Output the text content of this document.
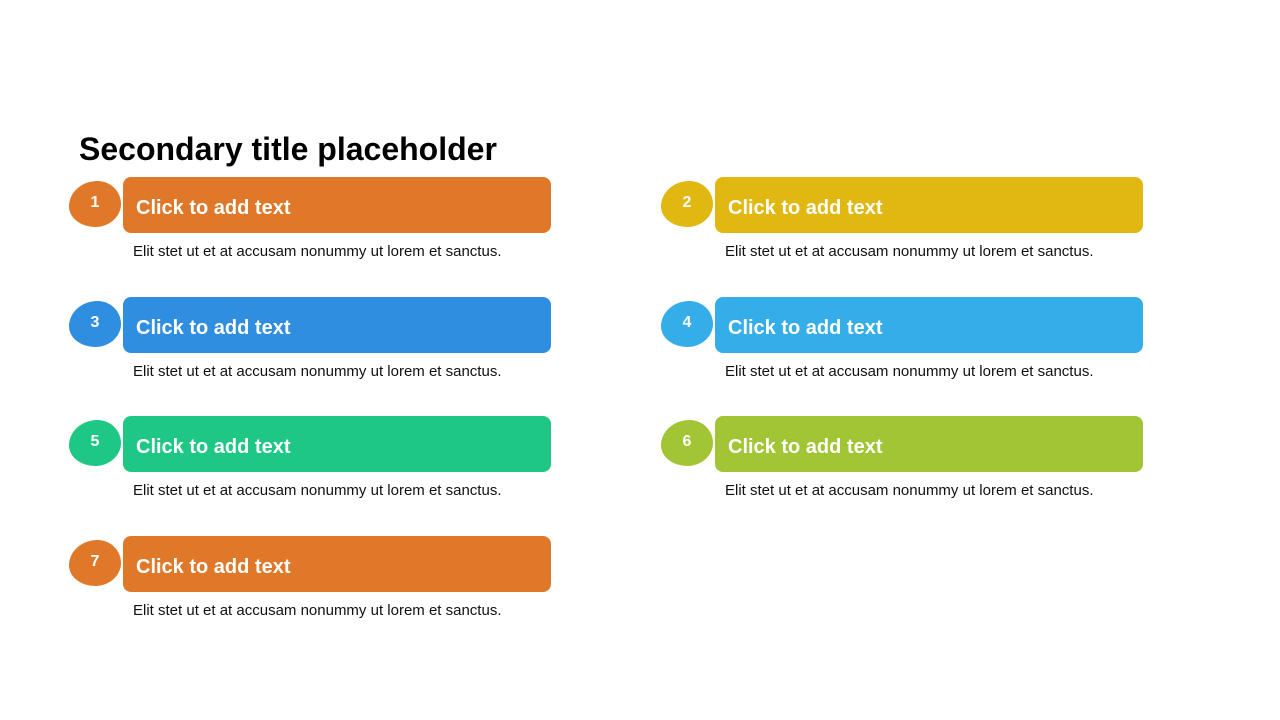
Secondary title placeholder
1	Click to add text
Elit stet ut et at accusam nonummy ut lorem et sanctus.
2	Click to add text
Elit stet ut et at accusam nonummy ut lorem et sanctus.
3	Click to add text
Elit stet ut et at accusam nonummy ut lorem et sanctus.
4	Click to add text
Elit stet ut et at accusam nonummy ut lorem et sanctus.
5	Click to add text
Elit stet ut et at accusam nonummy ut lorem et sanctus.
6	Click to add text
Elit stet ut et at accusam nonummy ut lorem et sanctus.
7	Click to add text
Elit stet ut et at accusam nonummy ut lorem et sanctus.
